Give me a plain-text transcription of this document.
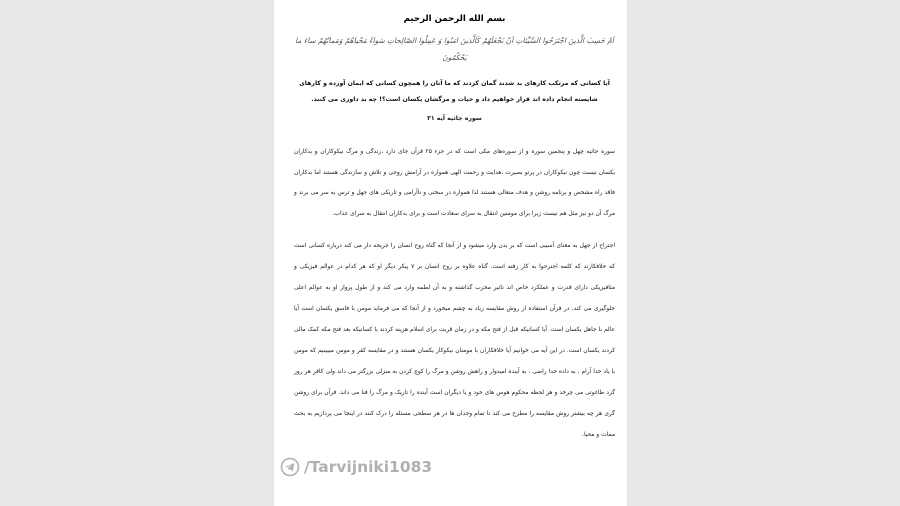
بسم الله الرحمن الرحیم
اَمْ حَسِبَ الَّذینَ اجْتَرَحُوا السَّیِّئاتِ اَنْ نَجْعَلَهُمْ کَالَّذینَ امَنُوا وَ عَمِلُوا الصّالِحاتِ سَواءً مَحْیاهُمْ وَمَماتُهُمْ ساءَ ما یَحْکُمُونَ
آیا کسانی که مرتکب کارهای بد شدند گمان کردند که ما آنان را همچون کسانی که ایمان آورده و کارهای شایسته انجام داده اند قرار خواهیم داد و حیات و مرگشان یکسان است؟! چه بد داوری می کنند.
سوره جاثیه آیه ۲۱

سوره جاثیه چهل و پنجمین سوره و از سوره‌های مکی است که در جزء ۲۵ قرآن جای دارد ،زندگی و مرگ نیکوکاران و بدکاران یکسان نیست چون نیکوکاران در پرتو بصیرت ،هدایت و رحمت الهی همواره در آرامش روحی و تلاش و سازندگی هستند اما بدکاران فاقد راه مشخص و برنامه روشن و هدف متعالی هستند لذا همواره در سختی و ناآرامی و تاریکی های جهل و ترس به سر می برند و مرگ آن دو نیز مثل هم نیست زیرا برای مومنین انتقال به سرای سعادت است و برای بدکاران انتقال به سرای عذاب.

اجتراح از جهل به معنای آسیبی است که بر بدن وارد میشود و از آنجا که گناه روح انسان را جریحه دار می کند درباره کسانی است که خلافکارند که کلمه اجترحوا به کار رفته است. گناه علاوه بر روح انسان بر ۷ پیکر دیگر او که هر کدام در عوالم فیزیکی و متافیزیکی دارای قدرت و عملکرد خاص اند تاثیر مخرب گذاشته و به آن لطمه وارد می کند و از طول پرواز او به عوالم اعلی جلوگیری می کند. در قرآن استفاده از روش مقایسه زیاد به چشم میخورد و از آنجا که می فرماید مومن با فاسق یکسان است آیا عالم با جاهل یکسان است. آیا کسانیکه قبل از فتح مکه و در زمان قربت برای اسلام هزینه کردند با کسانیکه بعد فتح مکه کمک مالی کردند یکسان است. در این آیه می خوانیم آیا خلافکاران با مومنان نیکوکار یکسان هستند و در مقایسه کفر و مومن میبینیم که مومن با یاد خدا آرام ، به داده خدا راضی ، به آینده امیدوار و راهش روشن و مرگ را کوچ کردن به منزلی بزرگتر می داند ولی کافر هر روز گرد طاغوتی می چرخد و هر لحظه محکوم هوس های خود و یا دیگران است آینده را تاریک و مرگ را فنا می داند. قرآن برای روشن گری هر چه بیشتر روش مقایسه را مطرح می کند تا تمام وجدان ها در هر سطحی مسئله را درک کنند در اینجا می پردازیم به بحث ممات و محیا.

/Tarvijniki1083
